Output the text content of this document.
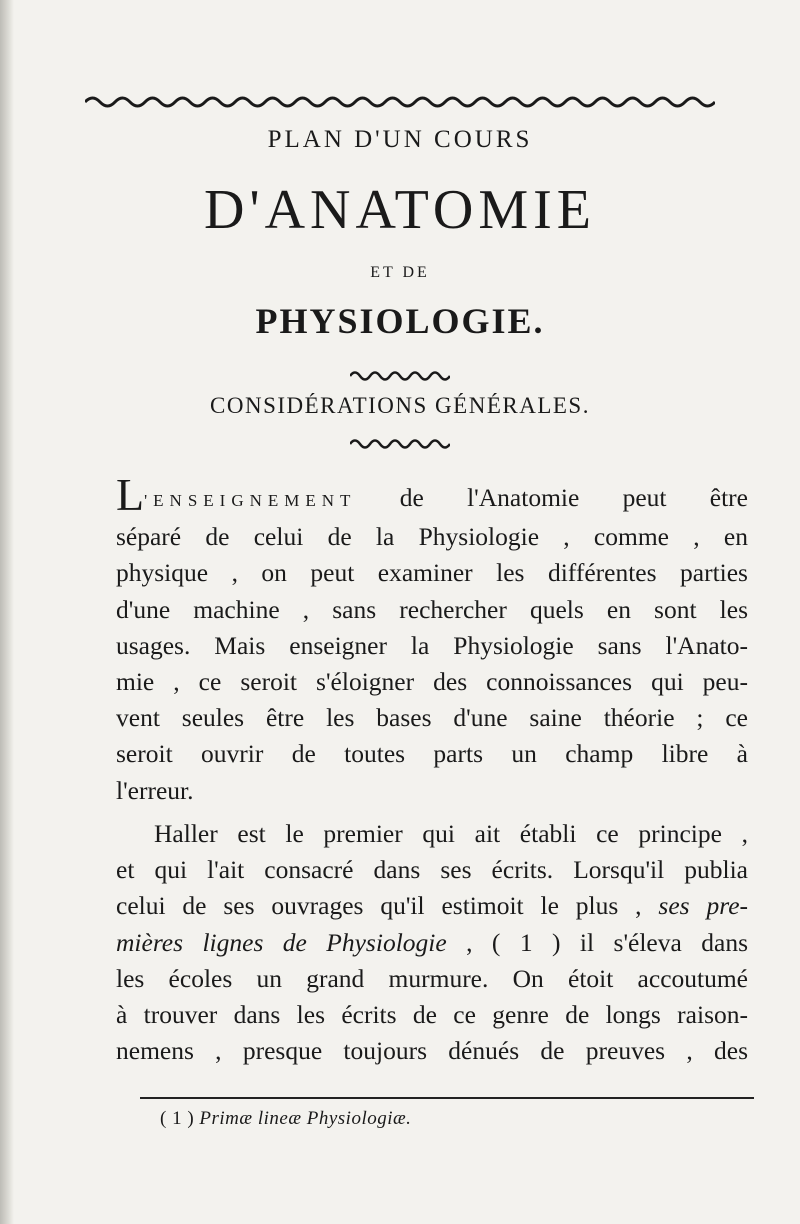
PLAN D'UN COURS
D'ANATOMIE
ET DE
PHYSIOLOGIE.
CONSIDÉRATIONS GÉNÉRALES.
L'ENSEIGNEMENT de l'Anatomie peut être
séparé de celui de la Physiologie , comme , en
physique , on peut examiner les différentes parties
d'une machine , sans rechercher quels en sont les
usages. Mais enseigner la Physiologie sans l'Anato-
mie , ce seroit s'éloigner des connoissances qui peu-
vent seules être les bases d'une saine théorie ; ce
seroit ouvrir de toutes parts un champ libre à
l'erreur.
Haller est le premier qui ait établi ce principe ,
et qui l'ait consacré dans ses écrits. Lorsqu'il publia
celui de ses ouvrages qu'il estimoit le plus , ses pre-
mières lignes de Physiologie , ( 1 ) il s'éleva dans
les écoles un grand murmure. On étoit accoutumé
à trouver dans les écrits de ce genre de longs raison-
nemens , presque toujours dénués de preuves , des
( 1 ) Primæ lineæ Physiologiæ.
